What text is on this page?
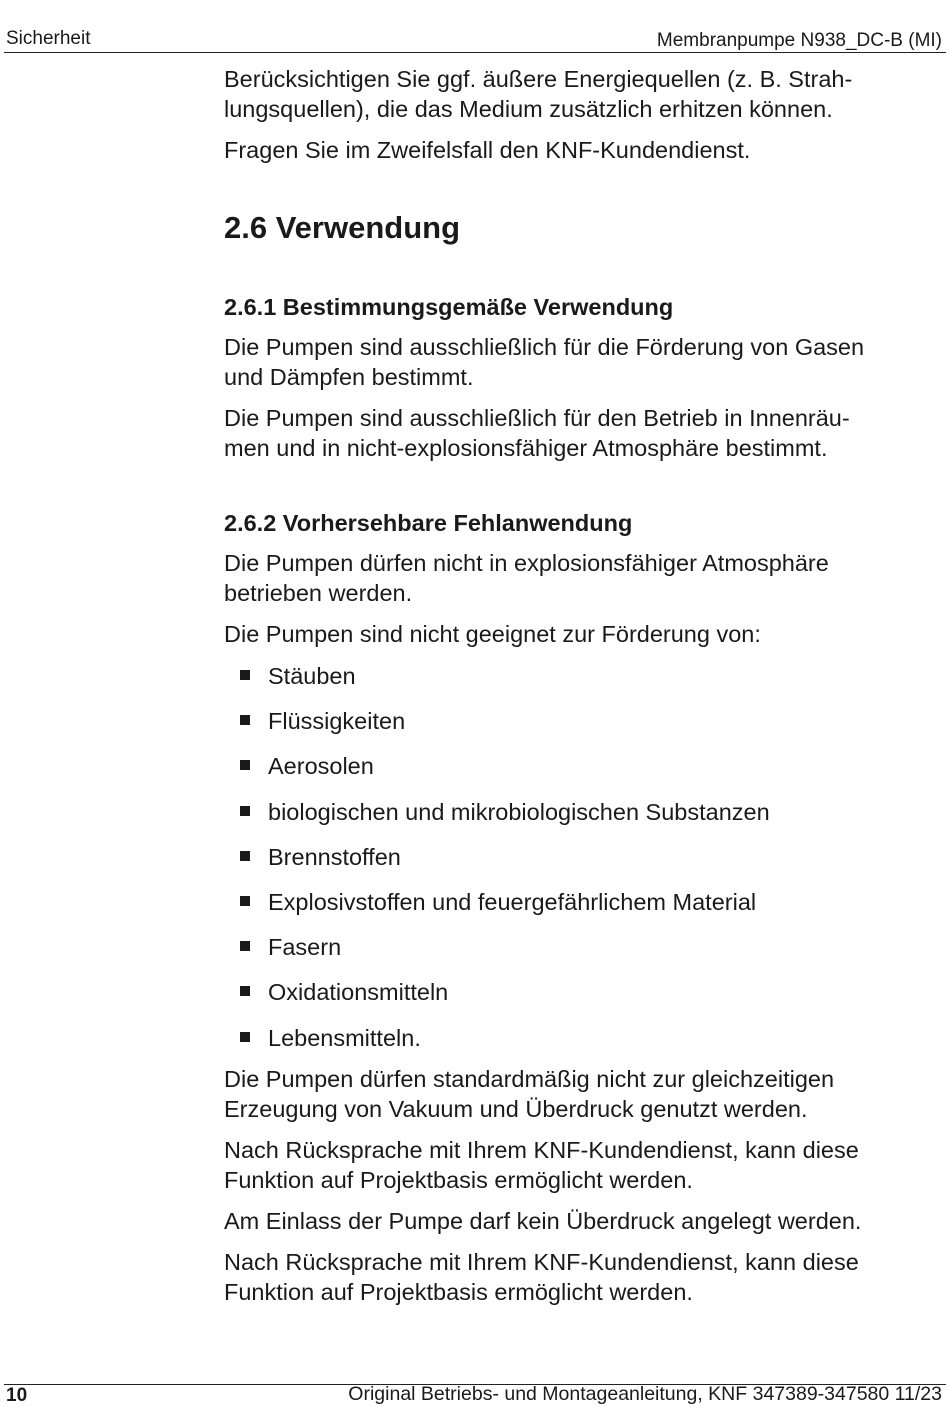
Sicherheit	Membranpumpe N938_DC-B (MI)

Berücksichtigen Sie ggf. äußere Energiequellen (z. B. Strah-
lungsquellen), die das Medium zusätzlich erhitzen können.

Fragen Sie im Zweifelsfall den KNF-Kundendienst.

2.6 Verwendung
2.6.1 Bestimmungsgemäße Verwendung

Die Pumpen sind ausschließlich für die Förderung von Gasen
und Dämpfen bestimmt.

Die Pumpen sind ausschließlich für den Betrieb in Innenräu-
men und in nicht-explosionsfähiger Atmosphäre bestimmt.

2.6.2 Vorhersehbare Fehlanwendung

Die Pumpen dürfen nicht in explosionsfähiger Atmosphäre
betrieben werden.

Die Pumpen sind nicht geeignet zur Förderung von:

Stäuben
Flüssigkeiten
Aerosolen
biologischen und mikrobiologischen Substanzen
Brennstoffen
Explosivstoffen und feuergefährlichem Material
Fasern
Oxidationsmitteln
Lebensmitteln.

Die Pumpen dürfen standardmäßig nicht zur gleichzeitigen
Erzeugung von Vakuum und Überdruck genutzt werden.

Nach Rücksprache mit Ihrem KNF-Kundendienst, kann diese
Funktion auf Projektbasis ermöglicht werden.

Am Einlass der Pumpe darf kein Überdruck angelegt werden.

Nach Rücksprache mit Ihrem KNF-Kundendienst, kann diese
Funktion auf Projektbasis ermöglicht werden.

10	Original Betriebs- und Montageanleitung, KNF 347389-347580 11/23
